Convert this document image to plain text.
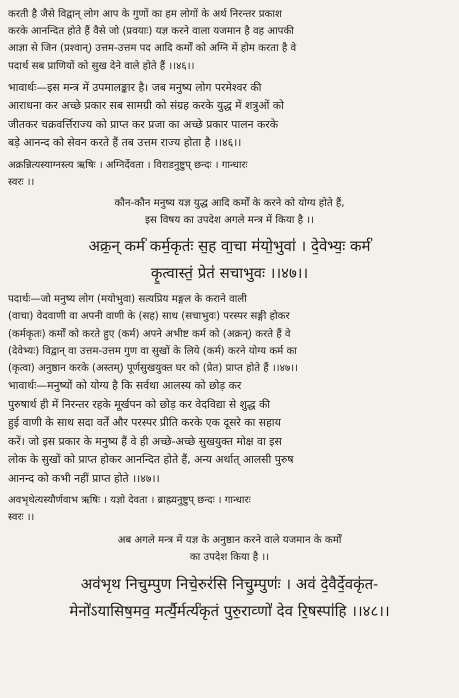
करती है जैसे विद्वान् लोग आप के गुणों का हम लोगों के अर्थ निरन्तर प्रकाश

करके आनन्दित होते हैं वैसे जो (प्रवयाः) यज्ञ करने वाला यजमान है वह आपकी

आज्ञा से जिन (प्रश्वान्) उत्तम-उत्तम पद आदि कर्मों को अग्नि में होम करता है वे

पदार्थ सब प्राणियों को सुख देने वाले होते हैं ।।४६।।

भावार्थः—इस मन्त्र में उपमालङ्कार है। जब मनुष्य लोग परमेश्वर की

आराधना कर अच्छे प्रकार सब सामग्री को संग्रह करके युद्ध में शत्रुओं को

जीतकर चक्रवर्त्तिराज्य को प्राप्त कर प्रजा का अच्छे प्रकार पालन करके

बड़े आनन्द को सेवन करते हैं तब उत्तम राज्य होता है ।।४६।।

अक्रन्नित्यस्याग्नस्त्य ऋषिः । अग्निर्देवता । विराडनुष्टुप् छन्दः । गान्धारः

स्वरः ।।

कौन-कौन मनुष्य यज्ञ युद्ध आदि कर्मों के करने को योग्य होते हैं,

इस विषय का उपदेश अगले मन्त्र में किया है ।।

अक्र॒न् कर्म॑ कर्म॒कृतः॑ स॒ह वा॒चा म॑यो॒भुवा॑ । दे॒वेभ्यः॒ कर्म॑

कृ॒त्वास्तं॒ प्रेत॑ सचाभुवः ।।४७।।

पदार्थः—जो मनुष्य लोग (मयोभुवा) सत्यप्रिय मङ्गल के कराने वाली

(वाचा) वेदवाणी वा अपनी वाणी के (सह) साथ (सचाभुवः) परस्पर सङ्गी होकर

(कर्मकृतः) कर्मों को करते हुए (कर्म) अपने अभीष्ट कर्म को (अक्रन्) करते हैं वे

(देवेभ्यः) विद्वान् वा उत्तम-उत्तम गुण वा सुखों के लिये (कर्म) करने योग्य कर्म का

(कृत्वा) अनुष्ठान करके (अस्तम्) पूर्णसुखयुक्त घर को (प्रेत) प्राप्त होते हैं ।।४७।।

भावार्थः—मनुष्यों को योग्य है कि सर्वथा आलस्य को छोड़ कर

पुरुषार्थ ही में निरन्तर रहके मूर्खपन को छोड़ कर वेदविद्या से शुद्ध की

हुई वाणी के साथ सदा वर्तें और परस्पर प्रीति करके एक दूसरे का सहाय

करें। जो इस प्रकार के मनुष्य हैं वे ही अच्छे-अच्छे सुखयुक्त मोक्ष वा इस

लोक के सुखों को प्राप्त होकर आनन्दित होते हैं, अन्य अर्थात् आलसी पुरुष

आनन्द को कभी नहीं प्राप्त होते ।।४७।।

अवभृथेत्यस्यौर्णवाभ ऋषिः । यज्ञो देवता । ब्राह्म्यनुष्टुप् छन्दः । गान्धारः

स्वरः ।।

अब अगले मन्त्र में यज्ञ के अनुष्ठान करने वाले यजमान के कर्मों

का उपदेश किया है ।।

अव॑भृथ निचुम्पुण निचे॒रुर॑सि निचु॒म्पुणः॑ । अव॑ दे॒वैर्दे॒वकृ॑त-

मेनो॑ऽयासिष॒मव॒ मर्त्यै॒र्मर्त्य॑कृतं पुरु॒राव्णो॑ देव रि॒षस्पा॑हि ।।४८।।
